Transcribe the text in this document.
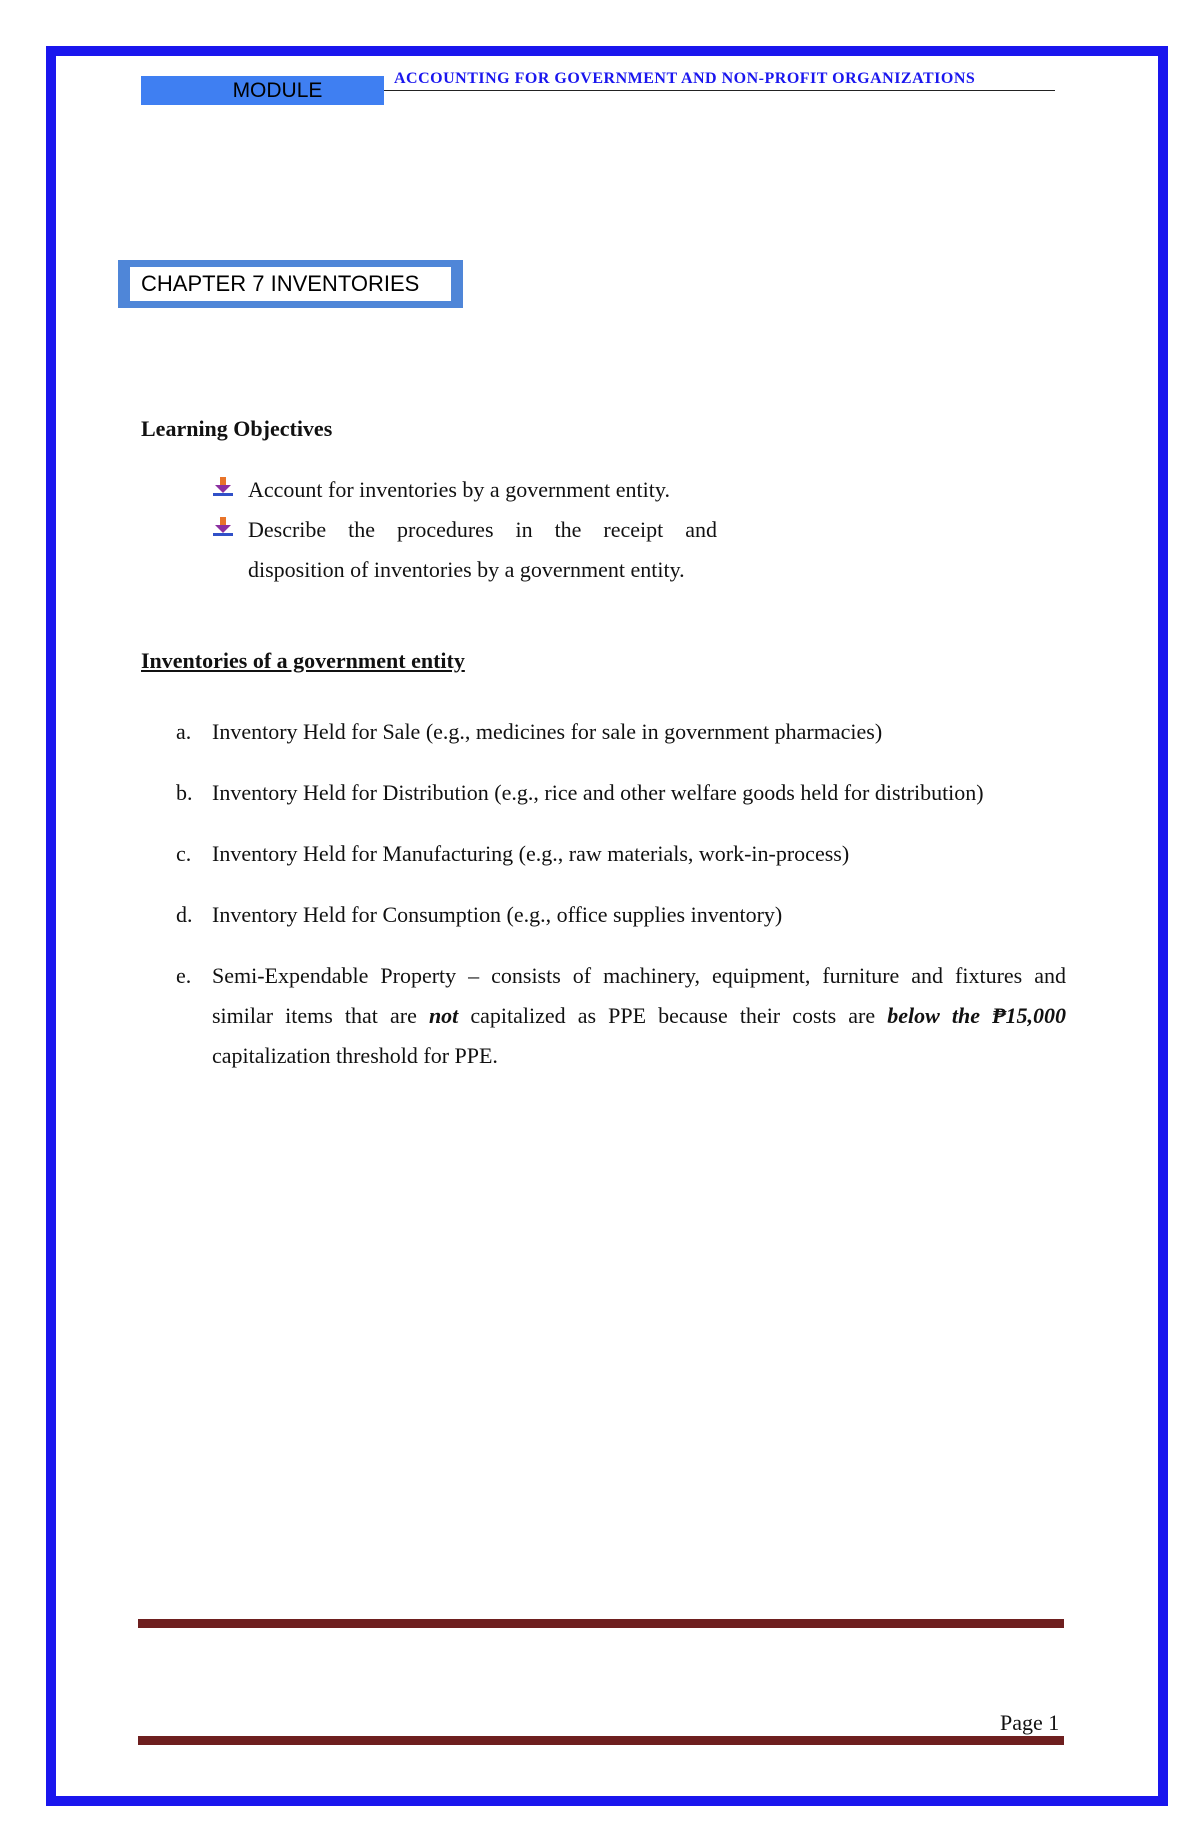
MODULE
ACCOUNTING FOR GOVERNMENT AND NON-PROFIT ORGANIZATIONS
CHAPTER 7 INVENTORIES
Learning Objectives
Account for inventories by a government entity.
Describe the procedures in the receipt and disposition of inventories by a government entity.
Inventories of a government entity
a. Inventory Held for Sale (e.g., medicines for sale in government pharmacies)
b. Inventory Held for Distribution (e.g., rice and other welfare goods held for distribution)
c. Inventory Held for Manufacturing (e.g., raw materials, work-in-process)
d. Inventory Held for Consumption (e.g., office supplies inventory)
e. Semi-Expendable Property – consists of machinery, equipment, furniture and fixtures and similar items that are not capitalized as PPE because their costs are below the ₱15,000 capitalization threshold for PPE.
Page 1
